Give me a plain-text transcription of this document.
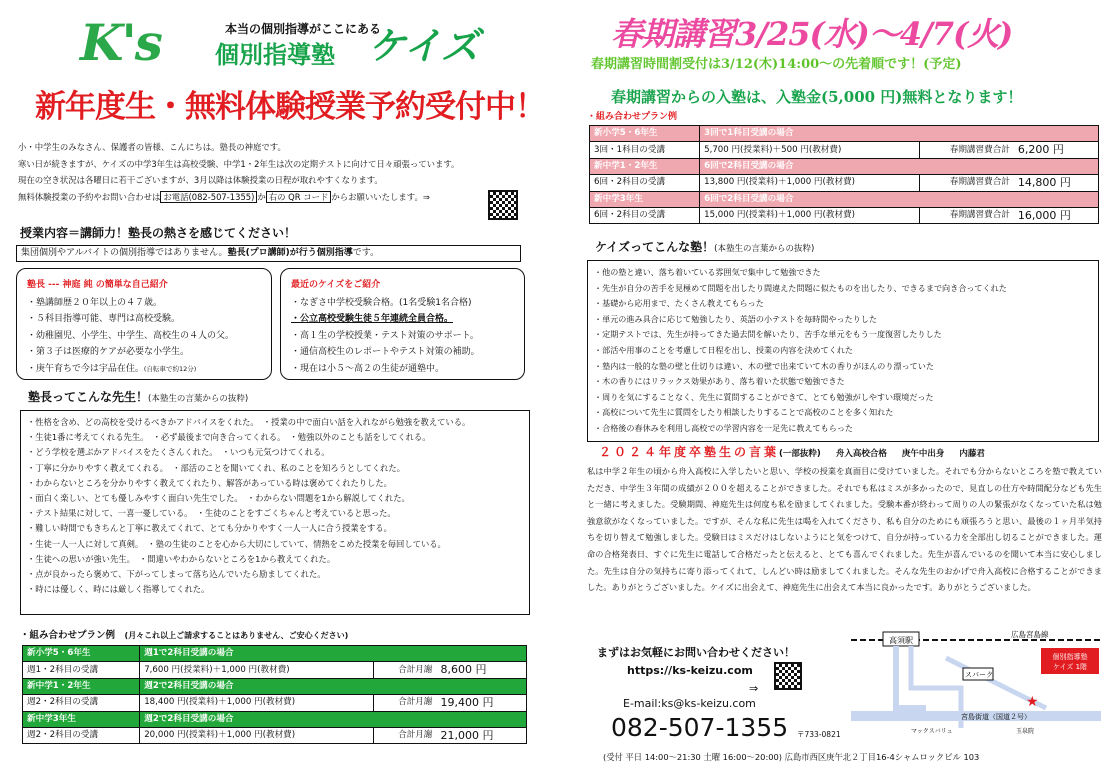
K's	本当の個別指導がここにある
個別指導塾 ケイズ
新年度生・無料体験授業予約受付中！

小・中学生のみなさん、保護者の皆様、こんにちは。塾長の神庭です。

寒い日が続きますが、ケイズの中学3年生は高校受験、中学1・2年生は次の定期テストに向けて日々頑張っています。

現在の空き状況は各曜日に若干ございますが、3月以降は体験授業の日程が取れやすくなります。

無料体験授業の予約やお問い合わせは お電話(082-507-1355) か 右の QR コード からお願いいたします。⇒

授業内容＝講師力！塾長の熱さを感じてください！
集団個別やアルバイトの個別指導ではありません。塾長(プロ講師)が行う個別指導です。
塾長 --- 神庭 純 の簡単な自己紹介
・塾講師歴２０年以上の４７歳。
・５科目指導可能、専門は高校受験。
・幼稚園児、小学生、中学生、高校生の４人の父。
・第３子は医療的ケアが必要な小学生。
・庚午育ちで今は宇品在住。(自転車で約12分)
最近のケイズをご紹介
・なぎさ中学校受験合格。(1名受験1名合格)
・公立高校受験生徒５年連続全員合格。
・高１生の学校授業・テスト対策のサポート。
・通信高校生のレポートやテスト対策の補助。
・現在は小５～高２の生徒が通塾中。
塾長ってこんな先生！(本塾生の言葉からの抜粋)
・性格を含め、どの高校を受けるべきかアドバイスをくれた。　・授業の中で面白い話を入れながら勉強を教えている。
・生徒1番に考えてくれる先生。　・必ず最後まで向き合ってくれる。　・勉強以外のことも話をしてくれる。
・どう学校を選ぶかアドバイスをたくさんくれた。　・いつも元気つけてくれる。
・丁寧に分かりやすく教えてくれる。　・部活のことを聞いてくれ、私のことを知ろうとしてくれた。
・わからないところを分かりやすく教えてくれたり、解答があっている時は褒めてくれたりした。
・面白く楽しい、とても優しみやすく面白い先生でした。　・わからない問題を1から解説してくれた。
・テスト結果に対して、一喜一憂している。　・生徒のことをすごくちゃんと考えていると思った。
・難しい時間でもきちんと丁寧に教えてくれて、とても分かりやすく一人一人に合う授業をする。
・生徒一人一人に対して真剣。　・塾の生徒のことを心から大切にしていて、情熱をこめた授業を毎回している。
・生徒への思いが強い先生。　・間違いやわからないところを1から教えてくれた。
・点が良かったら褒めて、下がってしまって落ち込んでいたら励ましてくれた。
・時には優しく、時には厳しく指導してくれた。
・組み合わせプラン例　 (月々これ以上ご請求することはありません、ご安心ください)
新小学5・6年生	週1で2科目受講の場合		
週1・2科目の受講	7,600 円(授業料)＋1,000 円(教材費)	合計月謝	8,600 円
新中学1・2年生	週2で2科目受講の場合		
週2・2科目の受講	18,400 円(授業料)＋1,000 円(教材費)	合計月謝	19,400 円
新中学3年生	週2で2科目受講の場合		
週2・2科目の受講	20,000 円(授業料)＋1,000 円(教材費)	合計月謝	21,000 円
春期講習3/25(水)～4/7(火)
春期講習時間割受付は3/12(木)14:00～の先着順です！(予定)
春期講習からの入塾は、入塾金(5,000 円)無料となります！
・組み合わせプラン例
新小学5・6年生	3回で1科目受講の場合		
3回・1科目の受講	5,700 円(授業料)＋500 円(教材費)	春期講習費合計	6,200 円
新中学1・2年生	6回で2科目受講の場合		
6回・2科目の受講	13,800 円(授業料)＋1,000 円(教材費)	春期講習費合計	14,800 円
新中学3年生	6回で2科目受講の場合		
6回・2科目の受講	15,000 円(授業料)＋1,000 円(教材費)	春期講習費合計	16,000 円
ケイズってこんな塾！(本塾生の言葉からの抜粋)
・他の塾と違い、落ち着いている雰囲気で集中して勉強できた
・先生が自分の苦手を見極めて問題を出したり間違えた問題に似たものを出したり、できるまで向き合ってくれた
・基礎から応用まで、たくさん教えてもらった
・単元の進み具合に応じて勉強したり、英語の小テストを毎時間やったりした
・定期テストでは、先生が持ってきた過去問を解いたり、苦手な単元をもう一度復習したりした
・部活や用事のことを考慮して日程を出し、授業の内容を決めてくれた
・塾内は一般的な塾の壁と仕切りは違い、木の壁で出来ていて木の香りがほんのり漂っていた
・木の香りにはリラックス効果があり、落ち着いた状態で勉強できた
・周りを気にすることなく、先生に質問することができて、とても勉強がしやすい環境だった
・高校について先生に質問をしたり相談したりすることで高校のことを多く知れた
・合格後の春休みを利用し高校での学習内容を一足先に教えてもらった
２０２４年度卒塾生の言葉(一部抜粋)　 舟入高校合格　 庚午中出身　 内藤君
私は中学２年生の頃から舟入高校に入学したいと思い、学校の授業を真面目に受けていました。それでも分からないところを塾で教えていただき、中学生３年間の成績が２００を超えることができました。それでも私はミスが多かったので、見直しの仕方や時間配分なども先生と一緒に考えました。受験期間、神庭先生は何度も私を励ましてくれました。受験本番が終わって周りの人の緊張がなくなっていた私は勉強意欲がなくなっていました。ですが、そんな私に先生は喝を入れてくださり、私も自分のためにも頑張ろうと思い、最後の１ヶ月半気持ちを切り替えて勉強しました。受験日はミスだけはしないようにと気をつけて、自分が持っている力を全部出し切ることができました。運命の合格発表日、すぐに先生に電話して合格だったと伝えると、とても喜んでくれました。先生が喜んでいるのを聞いて本当に安心しました。先生は自分の気持ちに寄り添ってくれて、しんどい時は励ましてくれました。そんな先生のおかげで舟入高校に合格することができました。ありがとうございました。ケイズに出会えて、神庭先生に出会えて本当に良かったです。ありがとうございました。
まずはお気軽にお問い合わせください！
https://ks-keizu.com
⇒
E-mail:ks@ks-keizu.com
082-507-1355 〒733-0821
高須駅
広島宮島線
宮島街道（国道２号）
スパーク
個別指導塾
ケイズ 1階
★
マックスバリュ	玉泉院
(受付 平日 14:00～21:30 土曜 16:00～20:00) 広島市西区庚午北２丁目16-4シャムロックビル 103
